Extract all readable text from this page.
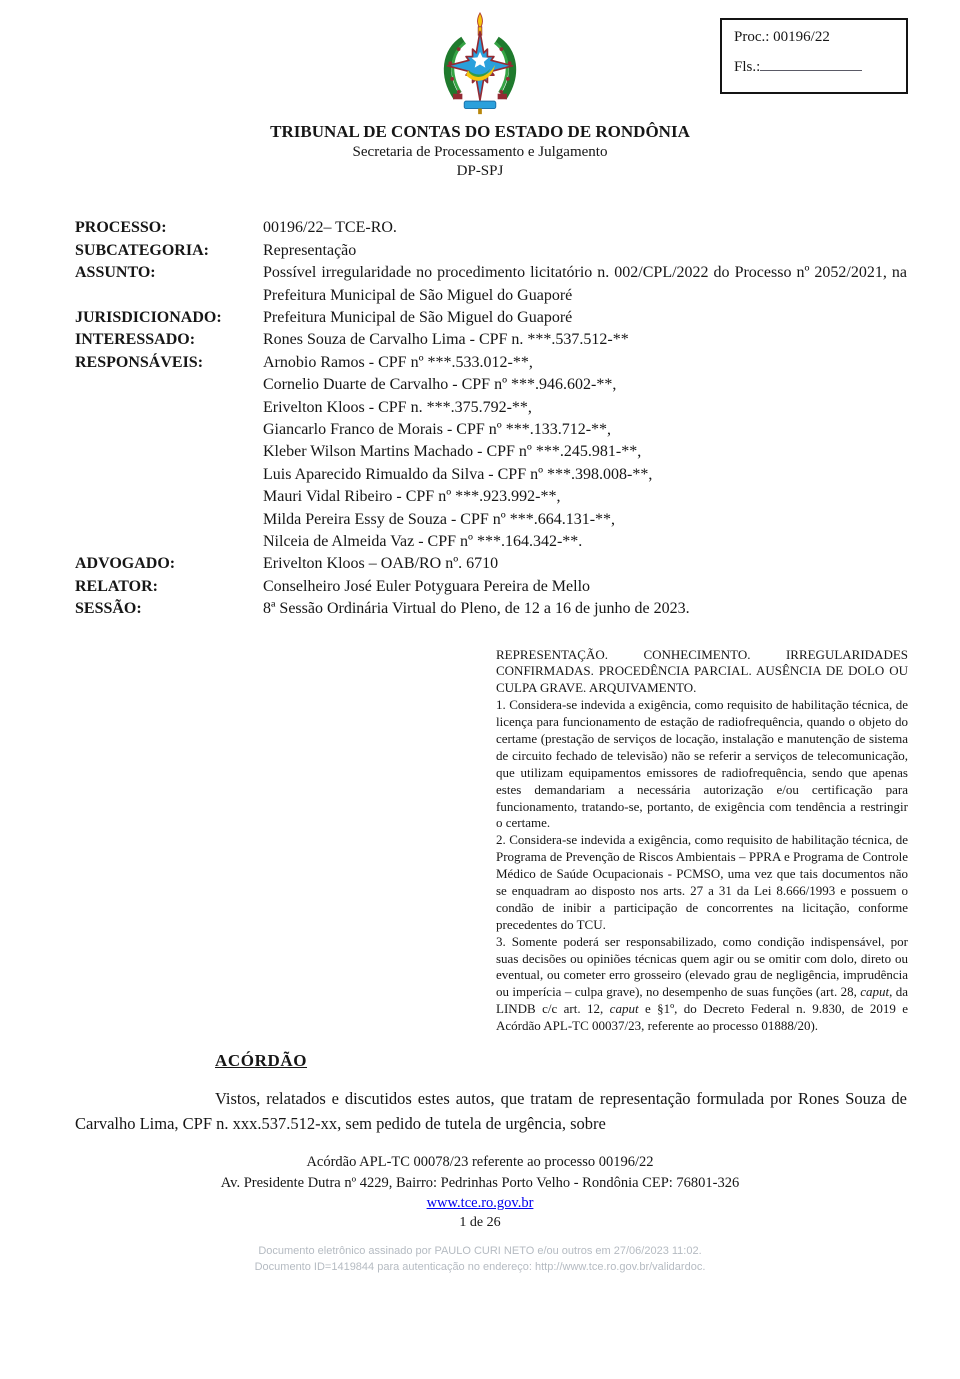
Proc.: 00196/22
Fls.:
TRIBUNAL DE CONTAS DO ESTADO DE RONDÔNIA
Secretaria de Processamento e Julgamento
DP-SPJ
PROCESSO:	00196/22– TCE-RO.
SUBCATEGORIA:	Representação
ASSUNTO:	Possível irregularidade no procedimento licitatório n. 002/CPL/2022 do Processo nº 2052/2021, na Prefeitura Municipal de São Miguel do Guaporé
JURISDICIONADO:	Prefeitura Municipal de São Miguel do Guaporé
INTERESSADO:	Rones Souza de Carvalho Lima - CPF n. ***.537.512-**
RESPONSÁVEIS:	Arnobio Ramos - CPF nº ***.533.012-**,
Cornelio Duarte de Carvalho - CPF nº ***.946.602-**,
Erivelton Kloos - CPF n. ***.375.792-**,
Giancarlo Franco de Morais - CPF nº ***.133.712-**,
Kleber Wilson Martins Machado - CPF nº ***.245.981-**,
Luis Aparecido Rimualdo da Silva - CPF nº ***.398.008-**,
Mauri Vidal Ribeiro - CPF nº ***.923.992-**,
Milda Pereira Essy de Souza - CPF nº ***.664.131-**,
Nilceia de Almeida Vaz - CPF nº ***.164.342-**.
ADVOGADO:	Erivelton Kloos – OAB/RO nº. 6710
RELATOR:	Conselheiro José Euler Potyguara Pereira de Mello
SESSÃO:	8ª Sessão Ordinária Virtual do Pleno, de 12 a 16 de junho de 2023.

REPRESENTAÇÃO. CONHECIMENTO. IRREGULARIDADES CONFIRMADAS. PROCEDÊNCIA PARCIAL. AUSÊNCIA DE DOLO OU CULPA GRAVE. ARQUIVAMENTO.

1. Considera-se indevida a exigência, como requisito de habilitação técnica, de licença para funcionamento de estação de radiofrequência, quando o objeto do certame (prestação de serviços de locação, instalação e manutenção de sistema de circuito fechado de televisão) não se referir a serviços de telecomunicação, que utilizam equipamentos emissores de radiofrequência, sendo que apenas estes demandariam a necessária autorização e/ou certificação para funcionamento, tratando-se, portanto, de exigência com tendência a restringir o certame.

2. Considera-se indevida a exigência, como requisito de habilitação técnica, de Programa de Prevenção de Riscos Ambientais – PPRA e Programa de Controle Médico de Saúde Ocupacionais - PCMSO, uma vez que tais documentos não se enquadram ao disposto nos arts. 27 a 31 da Lei 8.666/1993 e possuem o condão de inibir a participação de concorrentes na licitação, conforme precedentes do TCU.

3. Somente poderá ser responsabilizado, como condição indispensável, por suas decisões ou opiniões técnicas quem agir ou se omitir com dolo, direto ou eventual, ou cometer erro grosseiro (elevado grau de negligência, imprudência ou imperícia – culpa grave), no desempenho de suas funções (art. 28, caput, da LINDB c/c art. 12, caput e §1º, do Decreto Federal n. 9.830, de 2019 e Acórdão APL-TC 00037/23, referente ao processo 01888/20).

ACÓRDÃO

Vistos, relatados e discutidos estes autos, que tratam de representação formulada por Rones Souza de Carvalho Lima, CPF n. xxx.537.512-xx, sem pedido de tutela de urgência, sobre

Acórdão APL-TC 00078/23 referente ao processo 00196/22
Av. Presidente Dutra nº 4229, Bairro: Pedrinhas Porto Velho - Rondônia CEP: 76801-326
www.tce.ro.gov.br
1 de 26
Documento eletrônico assinado por PAULO CURI NETO e/ou outros em 27/06/2023 11:02.
Documento ID=1419844 para autenticação no endereço: http://www.tce.ro.gov.br/validardoc.
